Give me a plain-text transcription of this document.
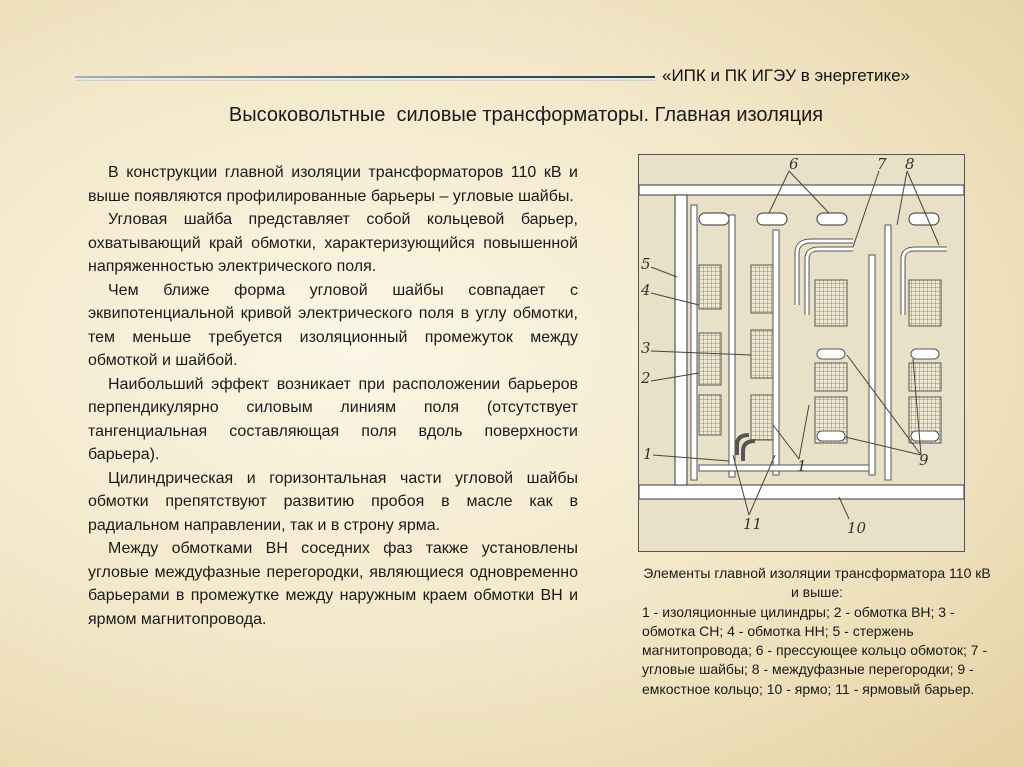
«ИПК и ПК ИГЭУ в энергетике»
Высоковольтные  силовые трансформаторы. Главная изоляция

В конструкции главной изоляции трансформаторов 110 кВ и выше появляются профилированные барьеры – угловые шайбы.

Угловая шайба представляет собой кольцевой барьер, охватывающий край обмотки, характеризующийся повышенной напряженностью электрического поля.

Чем ближе форма угловой шайбы совпадает с эквипотенциальной кривой электрического поля в углу обмотки, тем меньше требуется изоляционный промежуток между обмоткой и шайбой.

Наибольший эффект возникает при расположении барьеров перпендикулярно силовым линиям поля (отсутствует тангенциальная составляющая поля вдоль поверхности барьера).

Цилиндрическая и горизонтальная части угловой шайбы обмотки препятствуют развитию пробоя в масле как в радиальном направлении, так и в строну ярма.

Между обмотками ВН соседних фаз также установлены угловые междуфазные перегородки, являющиеся одновременно барьерами в промежутке между наружным краем обмотки ВН и ярмом магнитопровода.

6	7 8
5
4
3
2
1
11
1	9
10
Элементы главной изоляции трансформатора 110 кВ и выше:
1 - изоляционные цилиндры; 2 - обмотка ВН; 3 - обмотка СН; 4 - обмотка НН; 5 - стержень магнитопровода; 6 - прессующее кольцо обмоток; 7 - угловые шайбы; 8 - междуфазные перегородки; 9 - емкостное кольцо; 10 - ярмо; 11 - ярмовый барьер.
